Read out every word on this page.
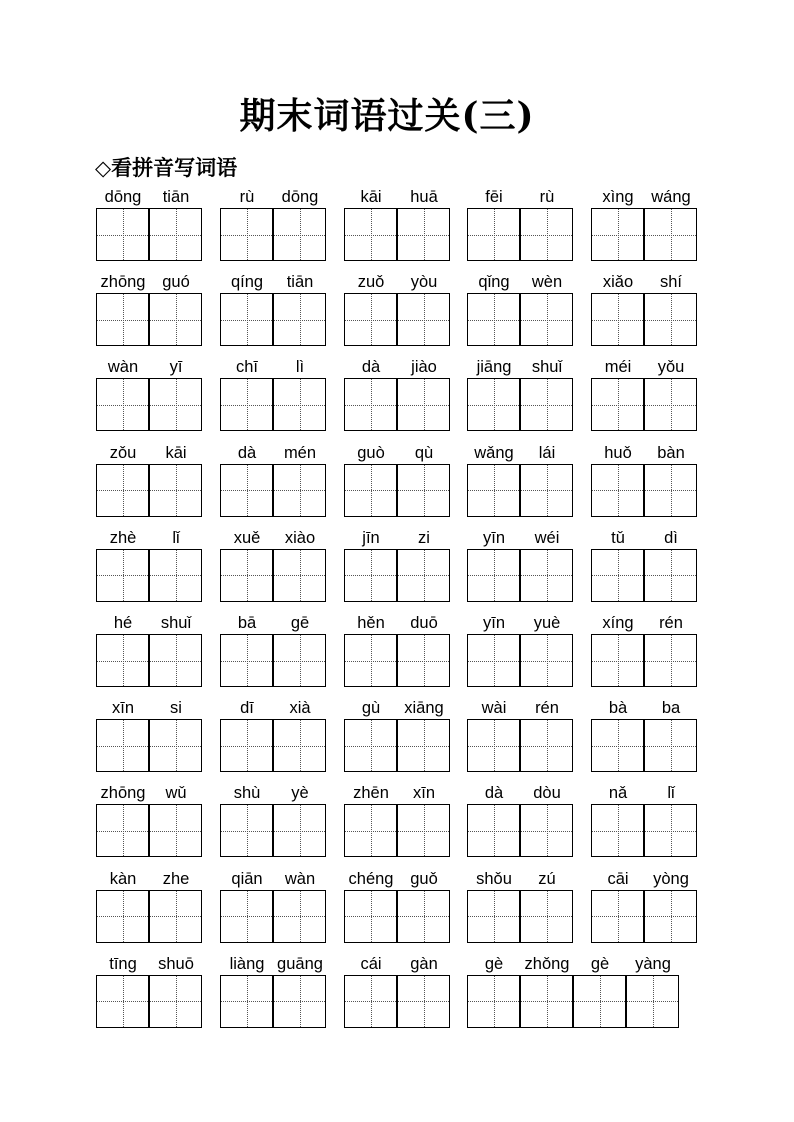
期末词语过关(三)
◇看拼音写词语
dōng	tiān	rù	dōng	kāi	huā	fēi	rù	xìng	wáng
zhōng	guó	qíng	tiān	zuǒ	yòu	qǐng	wèn	xiǎo	shí
wàn	yī	chī	lì	dà	jiào	jiāng	shuǐ	méi	yǒu
zǒu	kāi	dà	mén	guò	qù	wǎng	lái	huǒ	bàn
zhè	lǐ	xuě	xiào	jīn	zi	yīn	wéi	tǔ	dì
hé	shuǐ	bā	gē	hěn	duō	yīn	yuè	xíng	rén
xīn	si	dī	xià	gù	xiāng	wài	rén	bà	ba
zhōng	wǔ	shù	yè	zhēn	xīn	dà	dòu	nǎ	lǐ
kàn	zhe	qiān	wàn	chéng	guǒ	shǒu	zú	cāi	yòng
tīng	shuō	liàng guāng	cái	gàn	gè	zhǒng	gè	yàng
